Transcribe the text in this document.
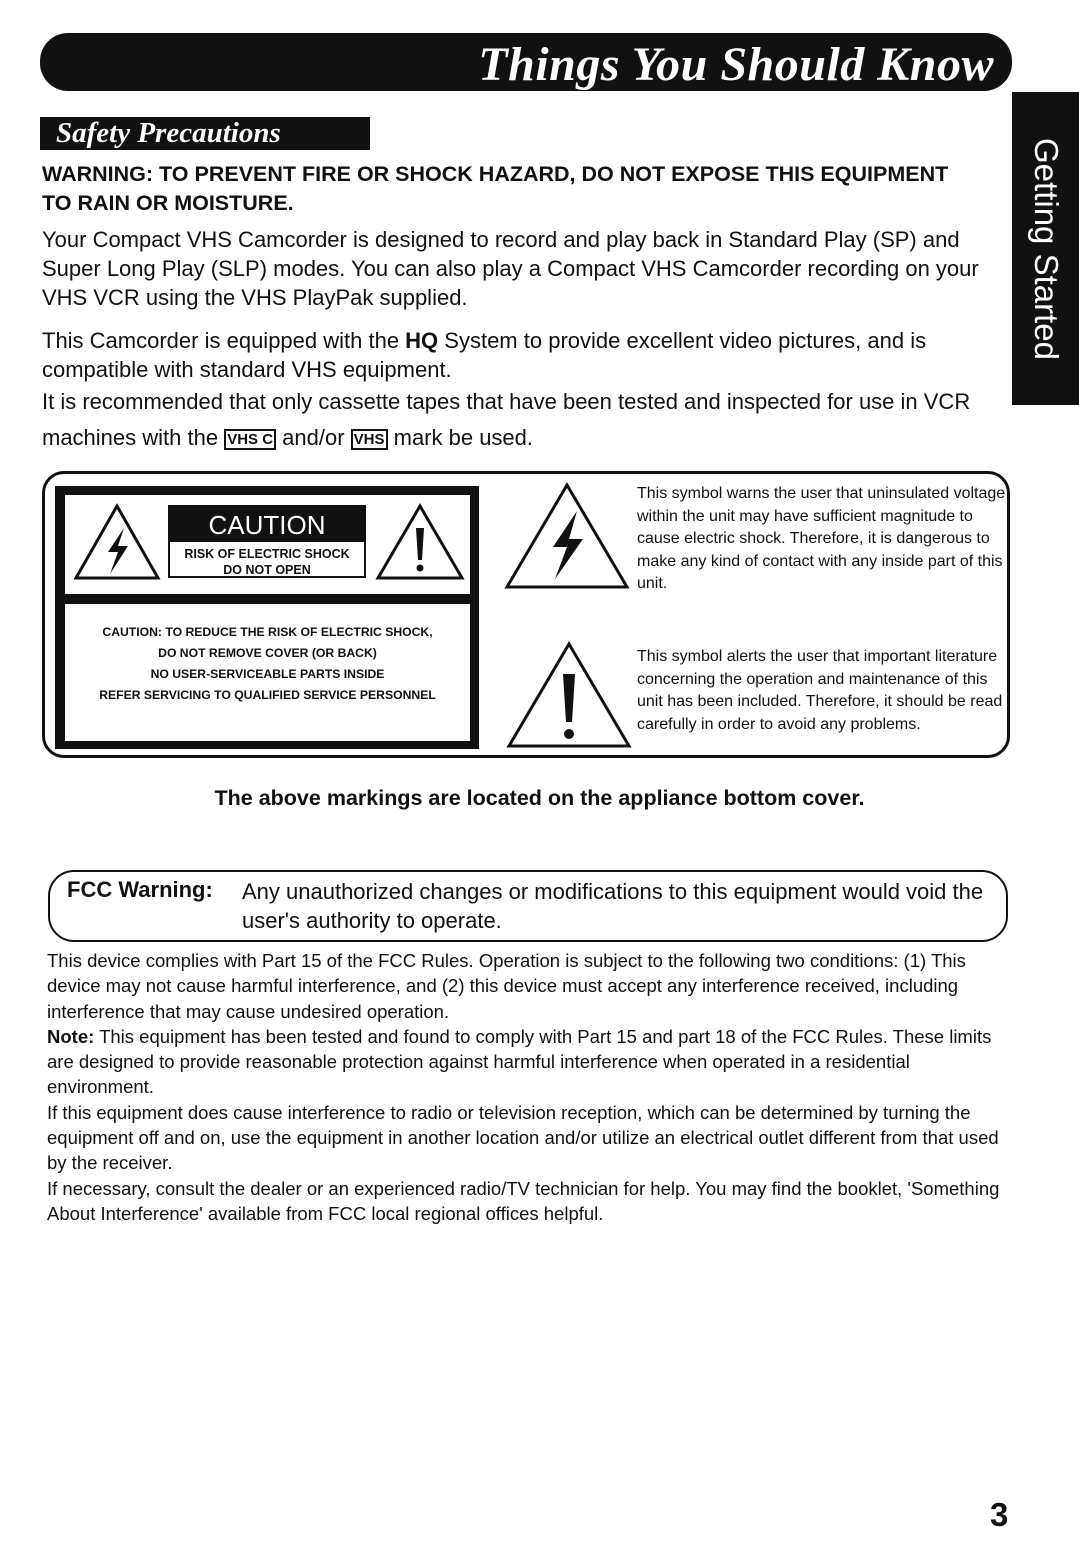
Things You Should Know
Getting Started
Safety Precautions
WARNING: TO PREVENT FIRE OR SHOCK HAZARD, DO NOT EXPOSE THIS EQUIPMENT TO RAIN OR MOISTURE.
Your Compact VHS Camcorder is designed to record and play back in Standard Play (SP) and Super Long Play (SLP) modes. You can also play a Compact VHS Camcorder recording on your VHS VCR using the VHS PlayPak supplied.
This Camcorder is equipped with the HQ System to provide excellent video pictures, and is compatible with standard VHS equipment.
It is recommended that only cassette tapes that have been tested and inspected for use in VCR machines with the VHS C and/or VHS mark be used.
CAUTION
RISK OF ELECTRIC SHOCK
DO NOT OPEN
CAUTION: TO REDUCE THE RISK OF ELECTRIC SHOCK,
DO NOT REMOVE COVER (OR BACK)
NO USER-SERVICEABLE PARTS INSIDE
REFER SERVICING TO QUALIFIED SERVICE PERSONNEL
This symbol warns the user that uninsulated voltage within the unit may have sufficient magnitude to cause electric shock. Therefore, it is dangerous to make any kind of contact with any inside part of this unit.
This symbol alerts the user that important literature concerning the operation and maintenance of this unit has been included. Therefore, it should be read carefully in order to avoid any problems.
The above markings are located on the appliance bottom cover.
FCC Warning: Any unauthorized changes or modifications to this equipment would void the user's authority to operate.

This device complies with Part 15 of the FCC Rules. Operation is subject to the following two conditions: (1) This device may not cause harmful interference, and (2) this device must accept any interference received, including interference that may cause undesired operation.

Note: This equipment has been tested and found to comply with Part 15 and part 18 of the FCC Rules. These limits are designed to provide reasonable protection against harmful interference when operated in a residential environment.

If this equipment does cause interference to radio or television reception, which can be determined by turning the equipment off and on, use the equipment in another location and/or utilize an electrical outlet different from that used by the receiver.

If necessary, consult the dealer or an experienced radio/TV technician for help. You may find the booklet, 'Something About Interference' available from FCC local regional offices helpful.

3
